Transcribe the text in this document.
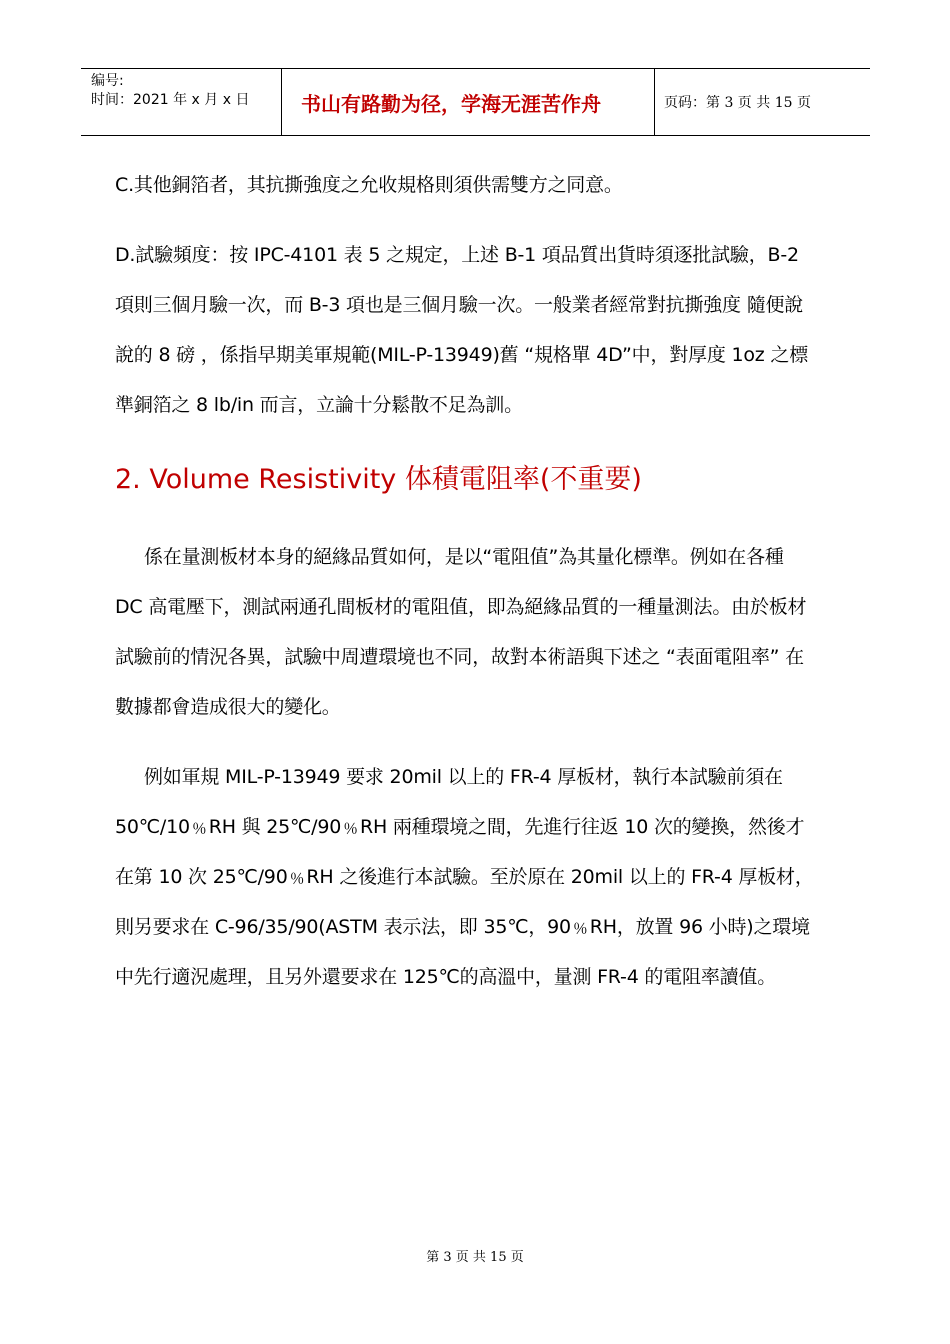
编号:
时间：2021 年 x 月 x 日	书山有路勤为径，学海无涯苦作舟	页码：第 3 页 共 15 页

C.其他銅箔者，其抗撕強度之允收規格則須供需雙方之同意。

D.試驗頻度：按 IPC-4101 表 5 之規定，上述 B-1 項品質出貨時須逐批試驗，B-2 項則三個月驗一次，而 B-3 項也是三個月驗一次。一般業者經常對抗撕強度 隨便說說的 8 磅 ，係指早期美軍規範(MIL-P-13949)舊 “規格單 4D”中，對厚度 1oz 之標準銅箔之 8 lb/in 而言，立論十分鬆散不足為訓。

2. Volume Resistivity 体積電阻率(不重要)

係在量測板材本身的絕緣品質如何，是以“電阻值”為其量化標準。例如在各種 DC 高電壓下，測試兩通孔間板材的電阻值，即為絕緣品質的一種量測法。由於板材試驗前的情況各異，試驗中周遭環境也不同，故對本術語與下述之 “表面電阻率” 在數據都會造成很大的變化。

例如軍規 MIL-P-13949 要求 20mil 以上的 FR-4 厚板材，執行本試驗前須在 50℃/10﹪RH 與 25℃/90﹪RH 兩種環境之間，先進行往返 10 次的變換，然後才在第 10 次 25℃/90﹪RH 之後進行本試驗。至於原在 20mil 以上的 FR-4 厚板材，則另要求在 C-96/35/90(ASTM 表示法，即 35℃，90﹪RH，放置 96 小時)之環境中先行適況處理，且另外還要求在 125℃的高溫中，量測 FR-4 的電阻率讀值。

第 3 页 共 15 页
